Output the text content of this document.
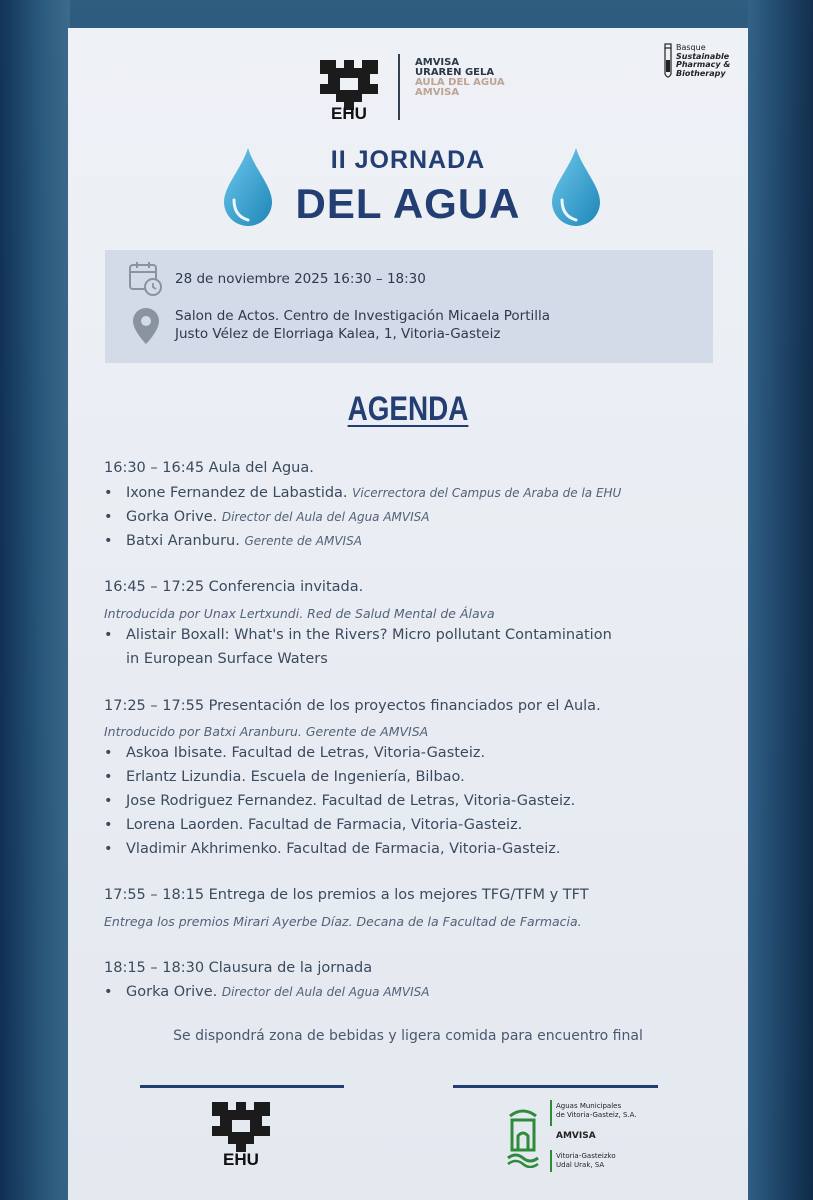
EHU
AMVISA
URAREN GELA
AULA DEL AGUA
AMVISA
Basque
Sustainable
Pharmacy &
Biotherapy
II JORNADA
DEL AGUA
28 de noviembre 2025 16:30 – 18:30
Salon de Actos. Centro de Investigación Micaela Portilla
Justo Vélez de Elorriaga Kalea, 1, Vitoria-Gasteiz
AGENDA
16:30 – 16:45 Aula del Agua.
• Ixone Fernandez de Labastida. Vicerrectora del Campus de Araba de la EHU
• Gorka Orive. Director del Aula del Agua AMVISA
• Batxi Aranburu. Gerente de AMVISA
16:45 – 17:25 Conferencia invitada.
Introducida por Unax Lertxundi. Red de Salud Mental de Álava
• Alistair Boxall: What's in the Rivers? Micro pollutant Contamination
in European Surface Waters
17:25 – 17:55 Presentación de los proyectos financiados por el Aula.
Introducido por Batxi Aranburu. Gerente de AMVISA
• Askoa Ibisate. Facultad de Letras, Vitoria-Gasteiz.
• Erlantz Lizundia. Escuela de Ingeniería, Bilbao.
• Jose Rodriguez Fernandez. Facultad de Letras, Vitoria-Gasteiz.
• Lorena Laorden. Facultad de Farmacia, Vitoria-Gasteiz.
• Vladimir Akhrimenko. Facultad de Farmacia, Vitoria-Gasteiz.
17:55 – 18:15 Entrega de los premios a los mejores TFG/TFM y TFT
Entrega los premios Mirari Ayerbe Díaz. Decana de la Facultad de Farmacia.
18:15 – 18:30 Clausura de la jornada
• Gorka Orive. Director del Aula del Agua AMVISA
Se dispondrá zona de bebidas y ligera comida para encuentro final
EHU
Aguas Municipales
de Vitoria-Gasteiz, S.A.
AMVISA
Vitoria-Gasteizko
Udal Urak, SA
